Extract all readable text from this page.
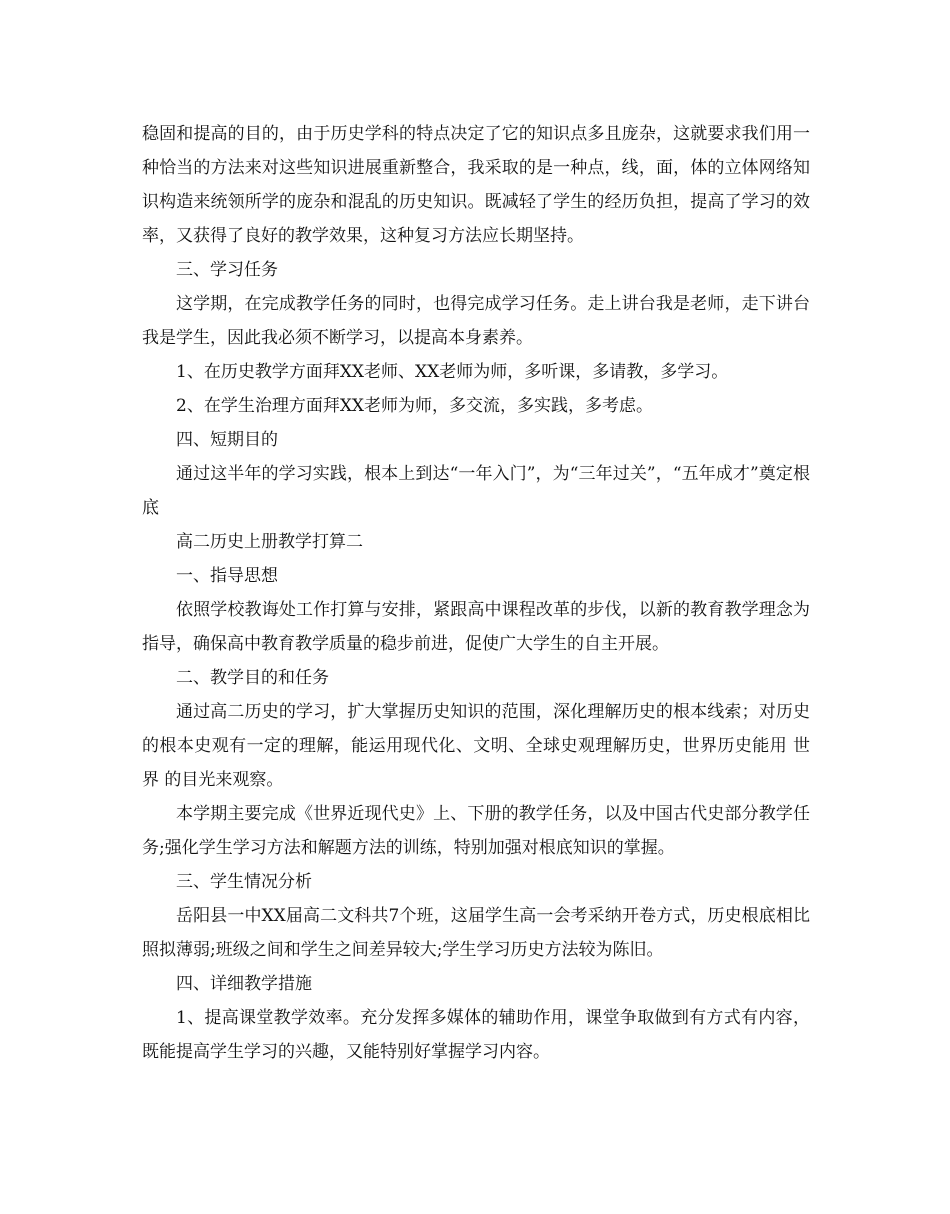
稳固和提高的目的，由于历史学科的特点决定了它的知识点多且庞杂，这就要求我们用一种恰当的方法来对这些知识进展重新整合，我采取的是一种点，线，面，体的立体网络知识构造来统领所学的庞杂和混乱的历史知识。既减轻了学生的经历负担，提高了学习的效率，又获得了良好的教学效果，这种复习方法应长期坚持。

三、学习任务

这学期，在完成教学任务的同时，也得完成学习任务。走上讲台我是老师，走下讲台我是学生，因此我必须不断学习，以提高本身素养。

1、在历史教学方面拜XX老师、XX老师为师，多听课，多请教，多学习。

2、在学生治理方面拜XX老师为师，多交流，多实践，多考虑。

四、短期目的

通过这半年的学习实践，根本上到达“一年入门”，为“三年过关”，“五年成才”奠定根底

高二历史上册教学打算二

一、指导思想

依照学校教诲处工作打算与安排，紧跟高中课程改革的步伐，以新的教育教学理念为指导，确保高中教育教学质量的稳步前进，促使广大学生的自主开展。

二、教学目的和任务

通过高二历史的学习，扩大掌握历史知识的范围，深化理解历史的根本线索；对历史的根本史观有一定的理解，能运用现代化、文明、全球史观理解历史，世界历史能用 世界 的目光来观察。

本学期主要完成《世界近现代史》上、下册的教学任务，以及中国古代史部分教学任务;强化学生学习方法和解题方法的训练，特别加强对根底知识的掌握。

三、学生情况分析

岳阳县一中XX届高二文科共7个班，这届学生高一会考采纳开卷方式，历史根底相比照拟薄弱;班级之间和学生之间差异较大;学生学习历史方法较为陈旧。

四、详细教学措施

1、提高课堂教学效率。充分发挥多媒体的辅助作用，课堂争取做到有方式有内容，既能提高学生学习的兴趣，又能特别好掌握学习内容。
